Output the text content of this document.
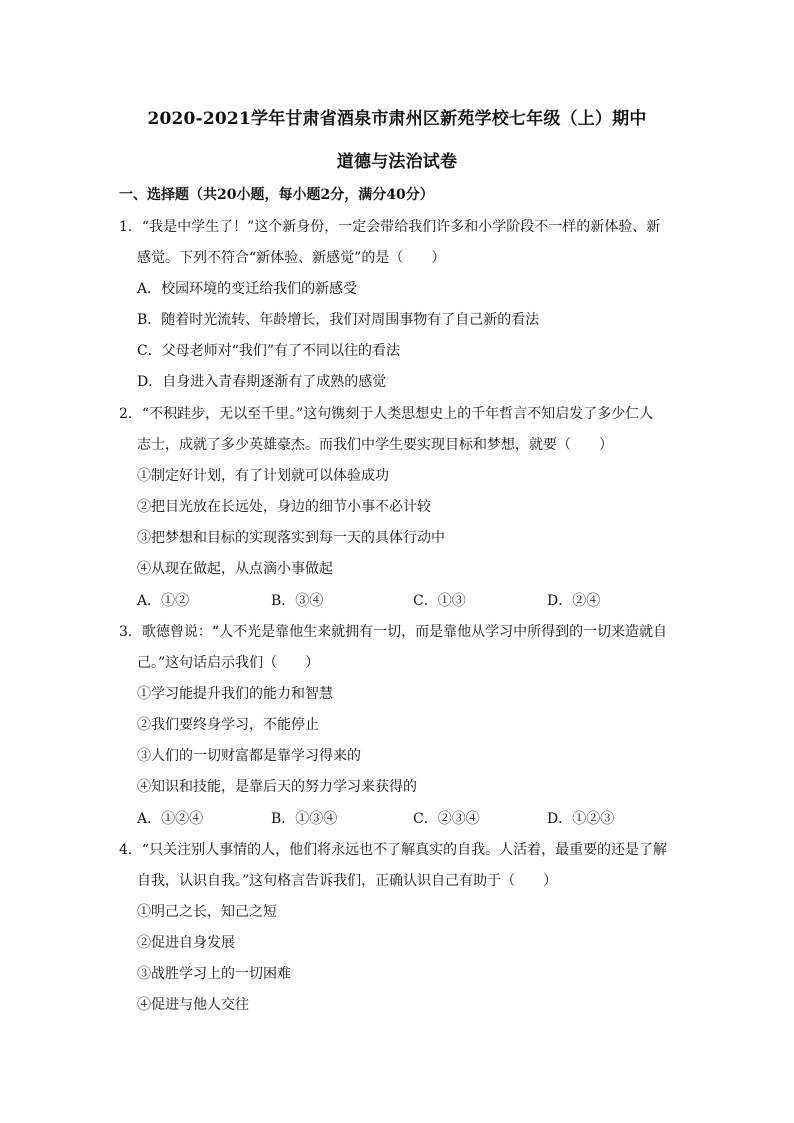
2020-2021学年甘肃省酒泉市肃州区新苑学校七年级（上）期中
道德与法治试卷
一、选择题（共20小题，每小题2分，满分40分）
1．“我是中学生了！”这个新身份，一定会带给我们许多和小学阶段不一样的新体验、新
感觉。下列不符合“新体验、新感觉”的是（　　）
A．校园环境的变迁给我们的新感受
B．随着时光流转、年龄增长，我们对周围事物有了自己新的看法
C．父母老师对“我们”有了不同以往的看法
D．自身进入青春期逐渐有了成熟的感觉
2．“不积跬步，无以至千里。”这句镌刻于人类思想史上的千年哲言不知启发了多少仁人
志士，成就了多少英雄豪杰。而我们中学生要实现目标和梦想，就要（　　）
①制定好计划，有了计划就可以体验成功
②把目光放在长远处，身边的细节小事不必计较
③把梦想和目标的实现落实到每一天的具体行动中
④从现在做起，从点滴小事做起
A．①②	B．③④	C．①③	D．②④
3．歌德曾说：“人不光是靠他生来就拥有一切，而是靠他从学习中所得到的一切来造就自
己。”这句话启示我们（　　）
①学习能提升我们的能力和智慧
②我们要终身学习，不能停止
③人们的一切财富都是靠学习得来的
④知识和技能，是靠后天的努力学习来获得的
A．①②④	B．①③④	C．②③④	D．①②③
4．“只关注别人事情的人，他们将永远也不了解真实的自我。人活着，最重要的还是了解
自我，认识自我。”这句格言告诉我们，正确认识自己有助于（　　）
①明己之长，知己之短
②促进自身发展
③战胜学习上的一切困难
④促进与他人交往
